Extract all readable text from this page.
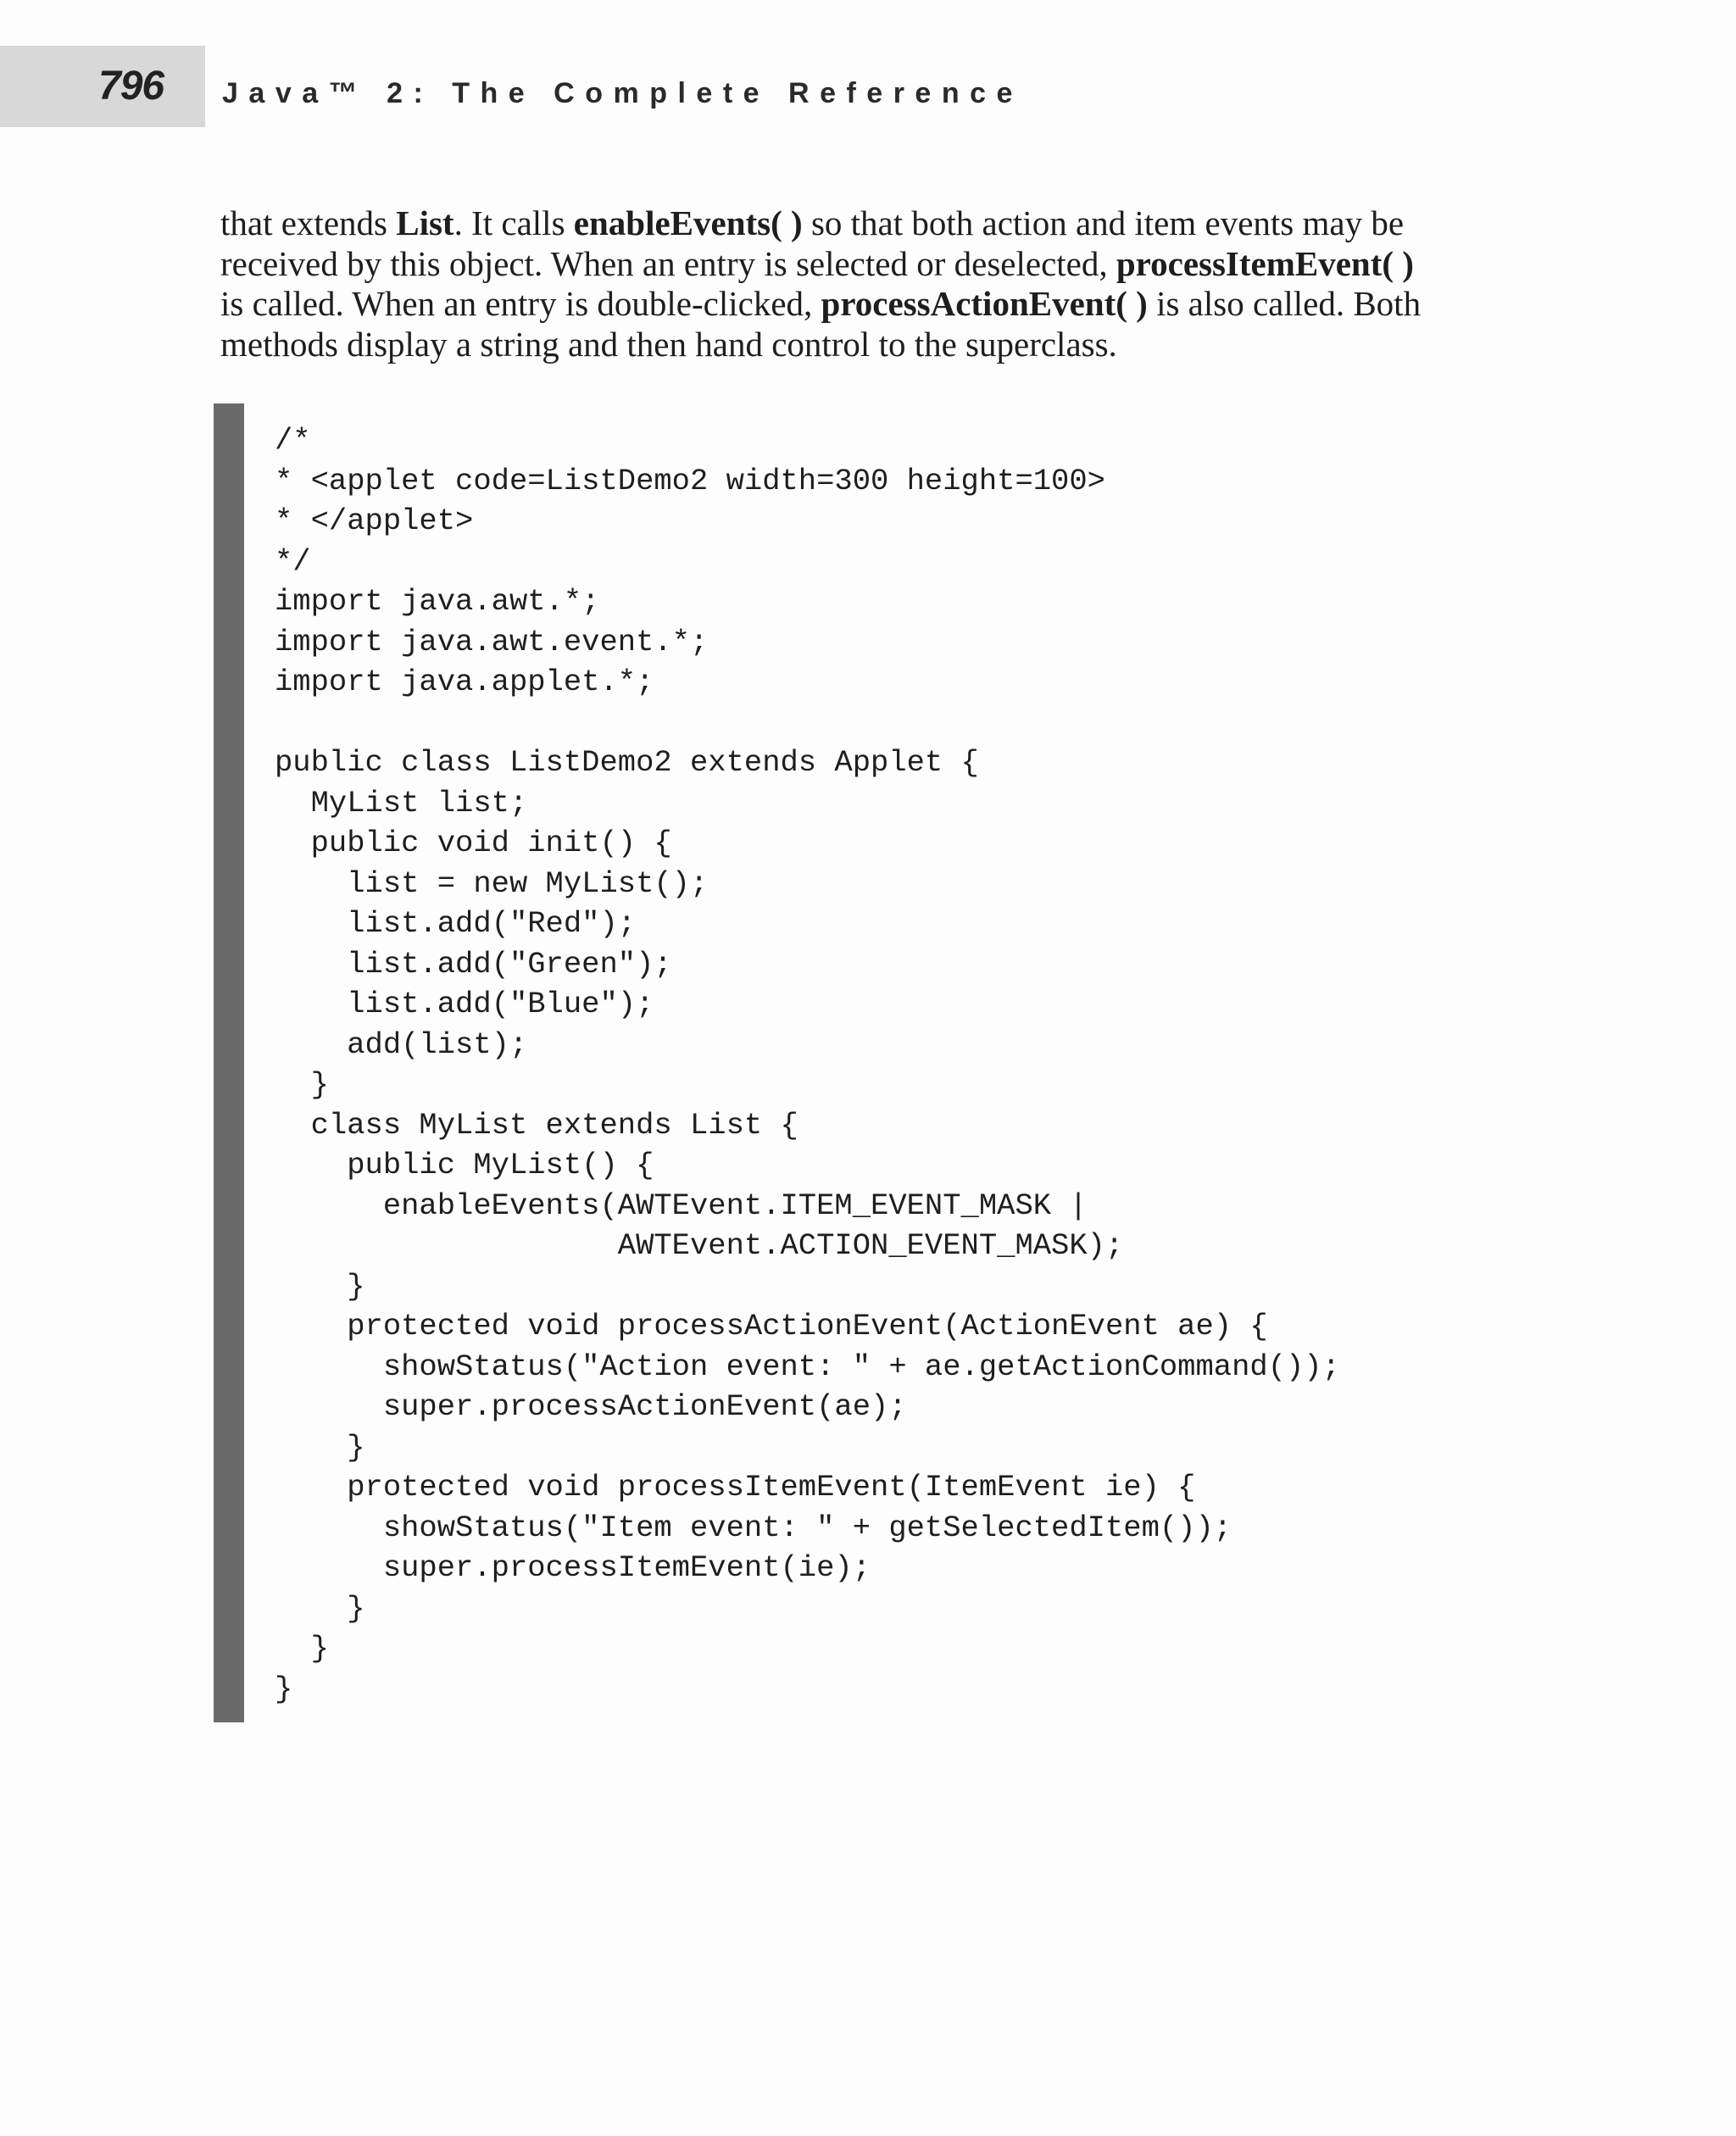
796 Java™ 2: The Complete Reference

that extends List. It calls enableEvents( ) so that both action and item events may be
received by this object. When an entry is selected or deselected, processItemEvent( )
is called. When an entry is double-clicked, processActionEvent( ) is also called. Both
methods display a string and then hand control to the superclass.

/*
* <applet code=ListDemo2 width=300 height=100>
* </applet>
*/
import java.awt.*;
import java.awt.event.*;
import java.applet.*;
public class ListDemo2 extends Applet {
MyList list;
public void init() {
list = new MyList();
list.add("Red");
list.add("Green");
list.add("Blue");
add(list);
}
class MyList extends List {
public MyList() {
enableEvents(AWTEvent.ITEM_EVENT_MASK |
AWTEvent.ACTION_EVENT_MASK);
}
protected void processActionEvent(ActionEvent ae) {
showStatus("Action event: " + ae.getActionCommand());
super.processActionEvent(ae);
}
protected void processItemEvent(ItemEvent ie) {
showStatus("Item event: " + getSelectedItem());
super.processItemEvent(ie);
}
}
}
